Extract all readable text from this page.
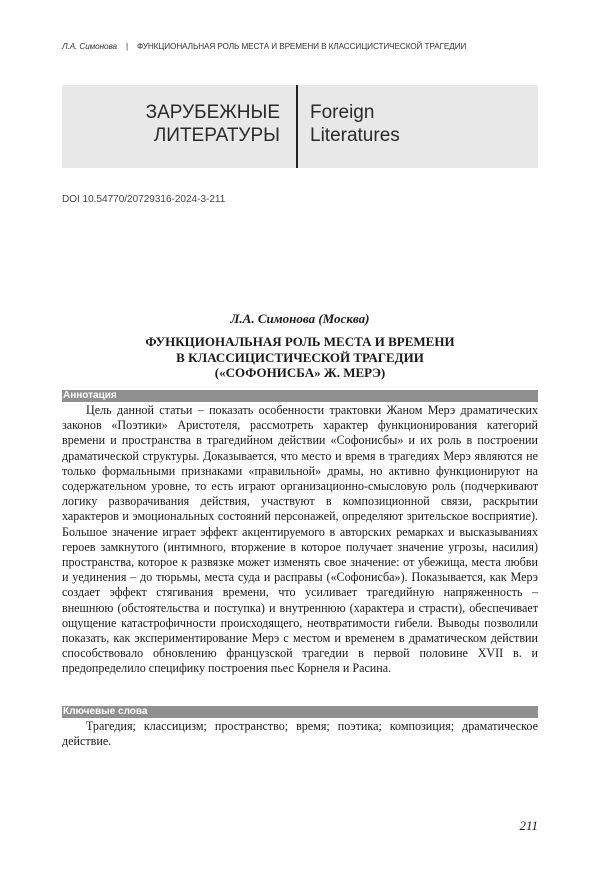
Л.А. Симонова | ФУНКЦИОНАЛЬНАЯ РОЛЬ МЕСТА И ВРЕМЕНИ В КЛАССИЦИСТИЧЕСКОЙ ТРАГЕДИИ
ЗАРУБЕЖНЫЕ
ЛИТЕРАТУРЫ
Foreign
Literatures
DOI 10.54770/20729316-2024-3-211
Л.А. Симонова (Москва)
ФУНКЦИОНАЛЬНАЯ РОЛЬ МЕСТА И ВРЕМЕНИ
В КЛАССИЦИСТИЧЕСКОЙ ТРАГЕДИИ
(«СОФОНИСБА» Ж. МЕРЭ)
Аннотация

Цель данной статьи – показать особенности трактовки Жаном Мерэ драматических законов «Поэтики» Аристотеля, рассмотреть характер функционирования категорий времени и пространства в трагедийном действии «Софонисбы» и их роль в построении драматической структуры. Доказывается, что место и время в трагедиях Мерэ являются не только формальными признаками «правильной» драмы, но активно функционируют на содержательном уровне, то есть играют организационно-смысловую роль (подчеркивают логику разворачивания действия, участвуют в композиционной связи, раскрытии характеров и эмоциональных состояний персонажей, определяют зрительское восприятие). Большое значение играет эффект акцентируемого в авторских ремарках и высказываниях героев замкнутого (интимного, вторжение в которое получает значение угрозы, насилия) пространства, которое к развязке может изменять свое значение: от убежища, места любви и уединения – до тюрьмы, места суда и расправы («Софонисба»). Показывается, как Мерэ создает эффект стягивания времени, что усиливает трагедийную напряженность – внешнюю (обстоятельства и поступка) и внутреннюю (характера и страсти), обеспечивает ощущение катастрофичности происходящего, неотвратимости гибели. Выводы позволили показать, как экспериментирование Мерэ с местом и временем в драматическом действии способствовало обновлению французской трагедии в первой половине XVII в. и предопределило специфику построения пьес Корнеля и Расина.

Ключевые слова

Трагедия; классицизм; пространство; время; поэтика; композиция; драматическое действие.

211
